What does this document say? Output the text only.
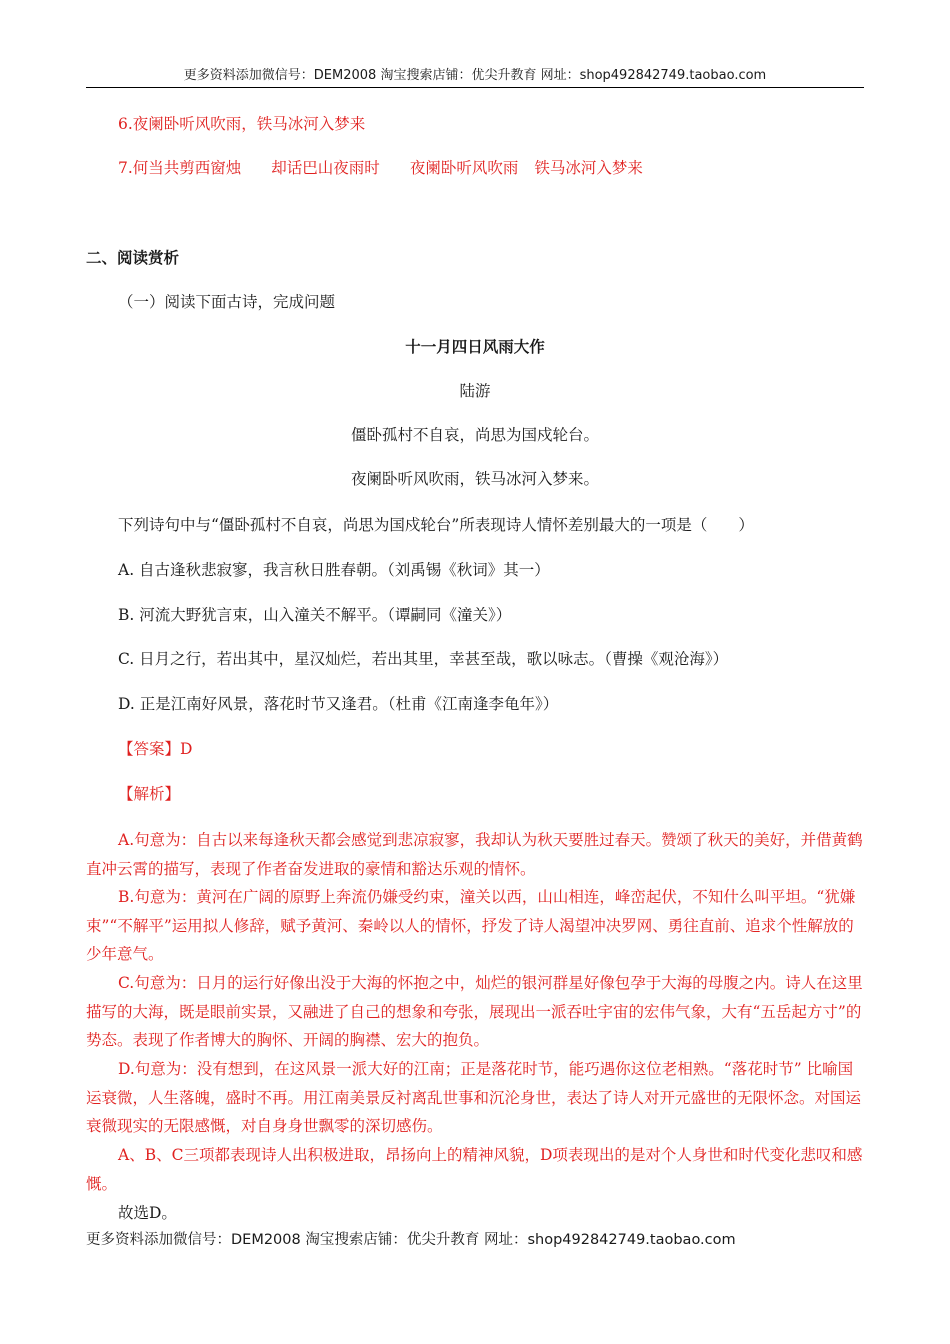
更多资料添加微信号：DEM2008 淘宝搜索店铺：优尖升教育 网址：shop492842749.taobao.com
6.夜阑卧听风吹雨，铁马冰河入梦来
7.何当共剪西窗烛 却话巴山夜雨时 夜阑卧听风吹雨 铁马冰河入梦来
二、阅读赏析
（一）阅读下面古诗，完成问题
十一月四日风雨大作
陆游
僵卧孤村不自哀，尚思为国戍轮台。
夜阑卧听风吹雨，铁马冰河入梦来。
下列诗句中与“僵卧孤村不自哀，尚思为国戍轮台”所表现诗人情怀差别最大的一项是（　　）
A. 自古逢秋悲寂寥，我言秋日胜春朝。（刘禹锡《秋词》其一）
B. 河流大野犹言束，山入潼关不解平。（谭嗣同《潼关》）
C. 日月之行，若出其中，星汉灿烂，若出其里，幸甚至哉，歌以咏志。（曹操《观沧海》）
D. 正是江南好风景，落花时节又逢君。（杜甫《江南逢李龟年》）
【答案】D
【解析】
A.句意为：自古以来每逢秋天都会感觉到悲凉寂寥，我却认为秋天要胜过春天。赞颂了秋天的美好，并借黄鹤直冲云霄的描写，表现了作者奋发进取的豪情和豁达乐观的情怀。
B.句意为：黄河在广阔的原野上奔流仍嫌受约束，潼关以西，山山相连，峰峦起伏，不知什么叫平坦。“犹嫌束”“不解平”运用拟人修辞，赋予黄河、秦岭以人的情怀，抒发了诗人渴望冲决罗网、勇往直前、追求个性解放的少年意气。
C.句意为：日月的运行好像出没于大海的怀抱之中，灿烂的银河群星好像包孕于大海的母腹之内。诗人在这里描写的大海，既是眼前实景，又融进了自己的想象和夸张，展现出一派吞吐宇宙的宏伟气象，大有“五岳起方寸”的势态。表现了作者博大的胸怀、开阔的胸襟、宏大的抱负。
D.句意为：没有想到，在这风景一派大好的江南；正是落花时节，能巧遇你这位老相熟。“落花时节” 比喻国运衰微，人生落魄，盛时不再。用江南美景反衬离乱世事和沉沦身世，表达了诗人对开元盛世的无限怀念。对国运衰微现实的无限感慨，对自身身世飘零的深切感伤。
A、B、C三项都表现诗人出积极进取，昂扬向上的精神风貌，D项表现出的是对个人身世和时代变化悲叹和感慨。
故选D。
更多资料添加微信号：DEM2008 淘宝搜索店铺：优尖升教育 网址：shop492842749.taobao.com
